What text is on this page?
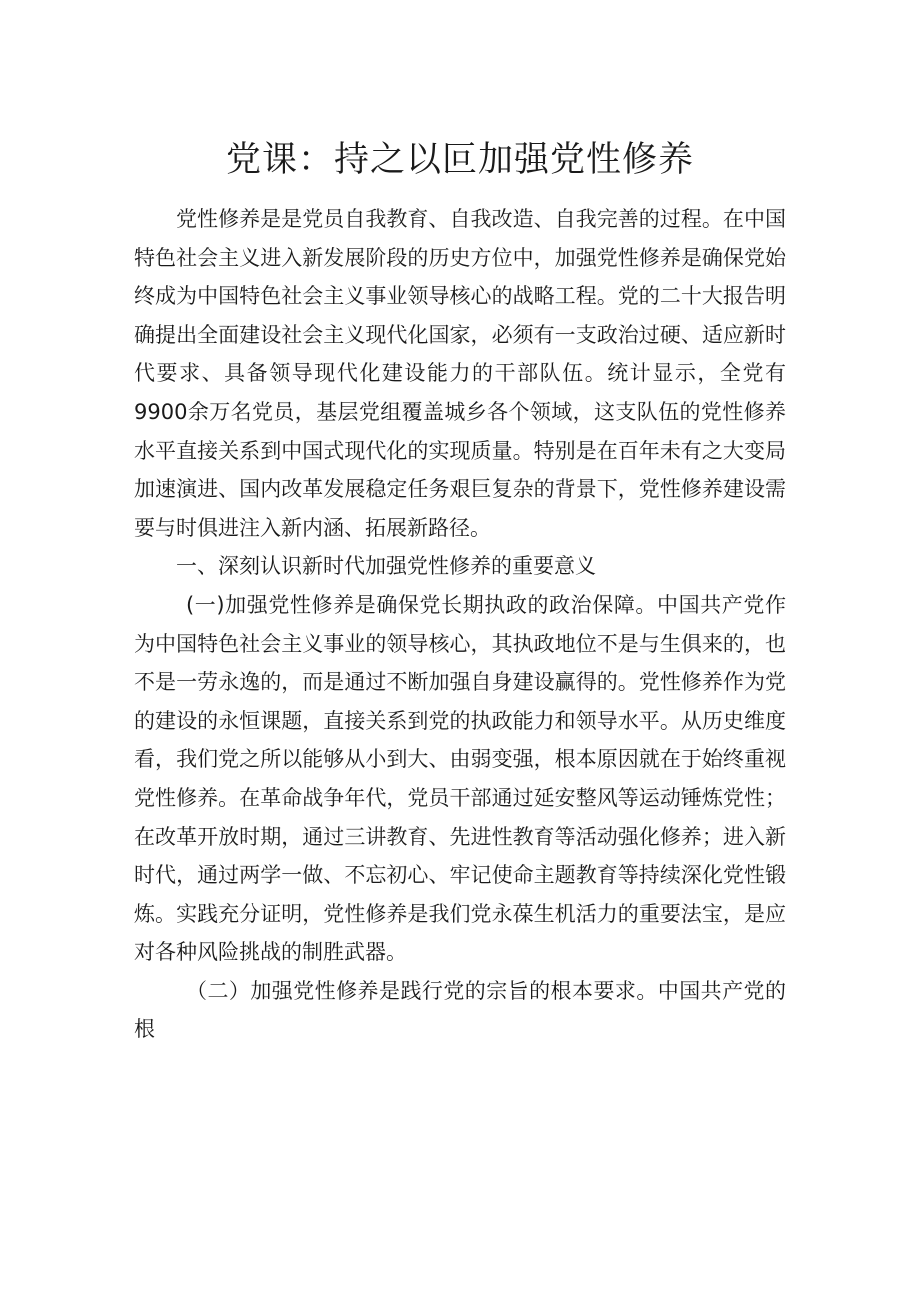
党课：持之以叵加强党性修养

党性修养是是党员自我教育、自我改造、自我完善的过程。在中国特色社会主义进入新发展阶段的历史方位中，加强党性修养是确保党始终成为中国特色社会主义事业领导核心的战略工程。党的二十大报告明确提出全面建设社会主义现代化国家，必须有一支政治过硬、适应新时代要求、具备领导现代化建设能力的干部队伍。统计显示，全党有9900余万名党员，基层党组覆盖城乡各个领域，这支队伍的党性修养水平直接关系到中国式现代化的实现质量。特别是在百年未有之大变局加速演进、国内改革发展稳定任务艰巨复杂的背景下，党性修养建设需要与时俱进注入新内涵、拓展新路径。

一、深刻认识新时代加强党性修养的重要意义

(一)加强党性修养是确保党长期执政的政治保障。中国共产党作为中国特色社会主义事业的领导核心，其执政地位不是与生俱来的，也不是一劳永逸的，而是通过不断加强自身建设赢得的。党性修养作为党的建设的永恒课题，直接关系到党的执政能力和领导水平。从历史维度看，我们党之所以能够从小到大、由弱变强，根本原因就在于始终重视党性修养。在革命战争年代，党员干部通过延安整风等运动锤炼党性；在改革开放时期，通过三讲教育、先进性教育等活动强化修养；进入新时代，通过两学一做、不忘初心、牢记使命主题教育等持续深化党性锻炼。实践充分证明，党性修养是我们党永葆生机活力的重要法宝，是应对各种风险挑战的制胜武器。

（二）加强党性修养是践行党的宗旨的根本要求。中国共产党的根
